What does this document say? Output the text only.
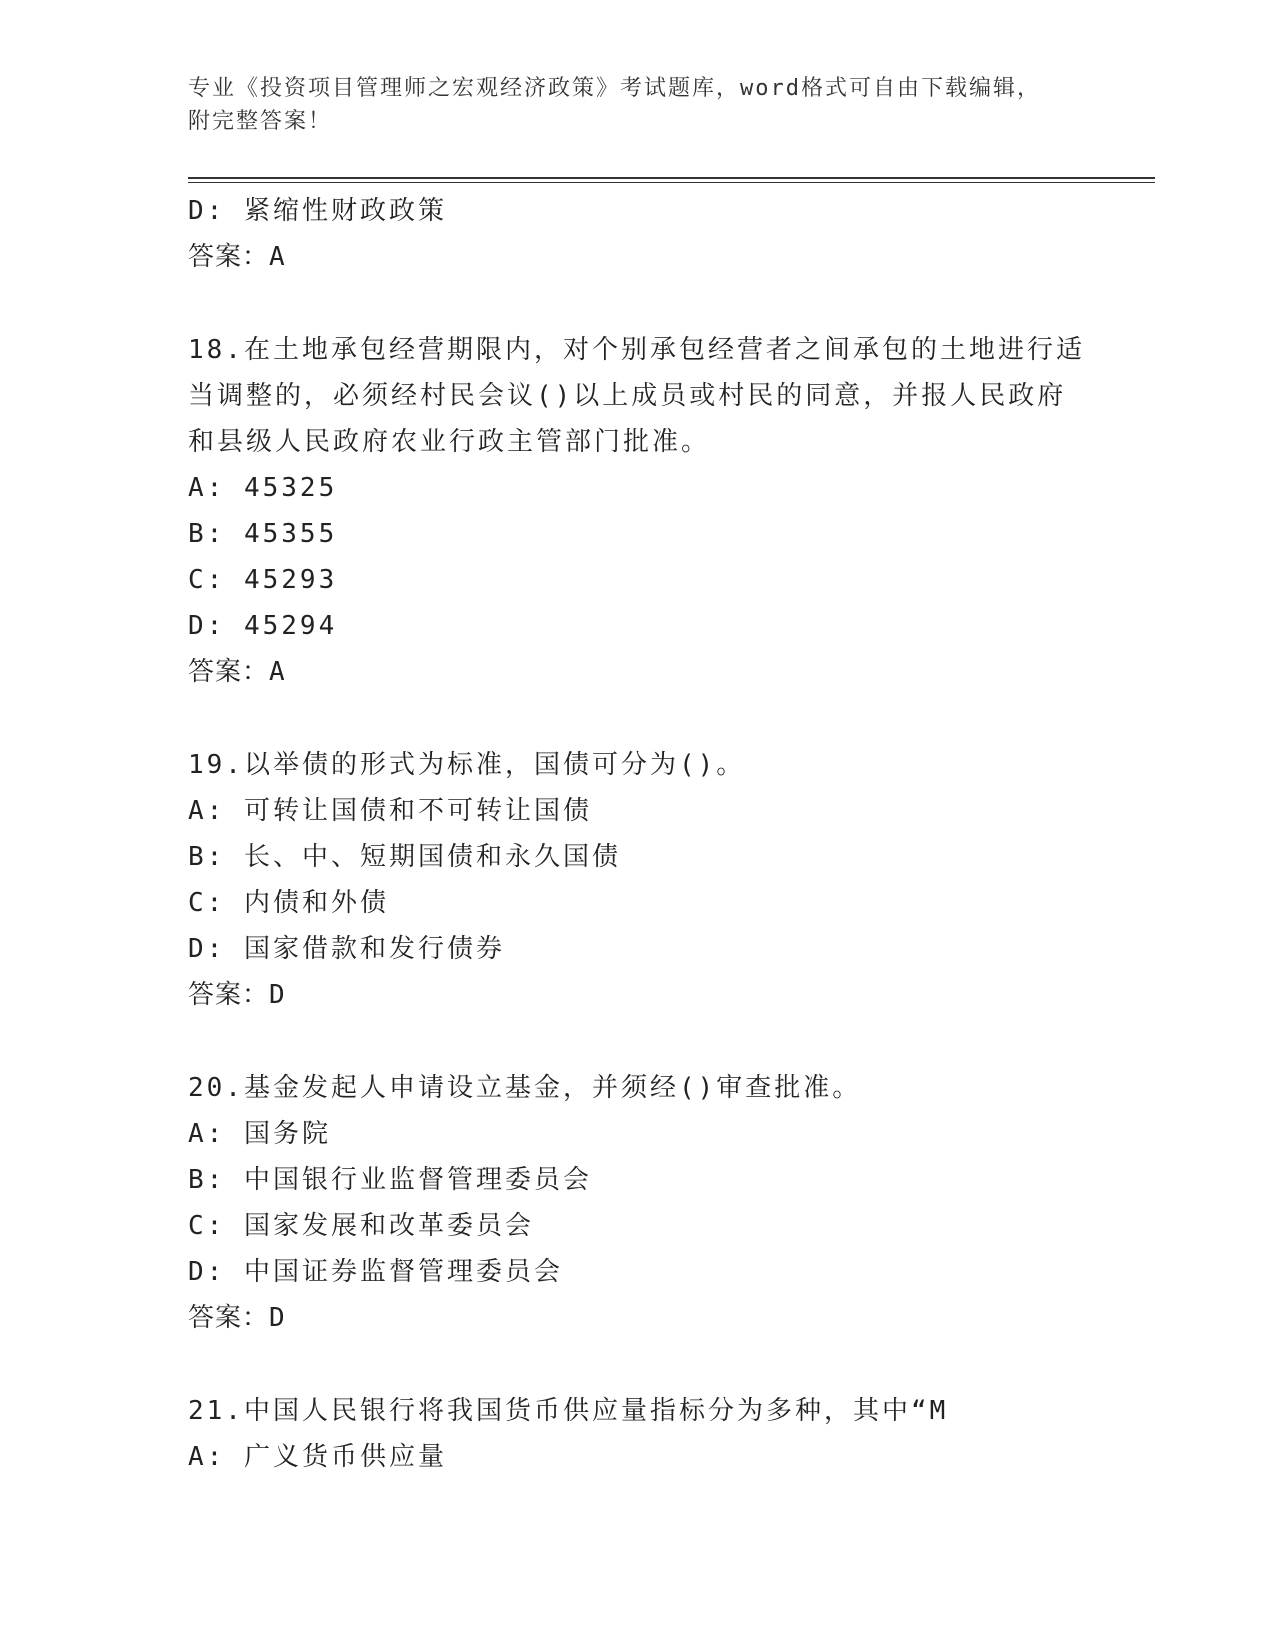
专业《投资项目管理师之宏观经济政策》考试题库，word格式可自由下载编辑，
附完整答案！
D: 紧缩性财政政策
答案：A
18.在土地承包经营期限内，对个别承包经营者之间承包的土地进行适
当调整的，必须经村民会议()以上成员或村民的同意，并报人民政府
和县级人民政府农业行政主管部门批准。
A: 45325
B: 45355
C: 45293
D: 45294
答案：A
19.以举债的形式为标准，国债可分为()。
A: 可转让国债和不可转让国债
B: 长、中、短期国债和永久国债
C: 内债和外债
D: 国家借款和发行债券
答案：D
20.基金发起人申请设立基金，并须经()审查批准。
A: 国务院
B: 中国银行业监督管理委员会
C: 国家发展和改革委员会
D: 中国证券监督管理委员会
答案：D
21.中国人民银行将我国货币供应量指标分为多种，其中“M
A: 广义货币供应量
